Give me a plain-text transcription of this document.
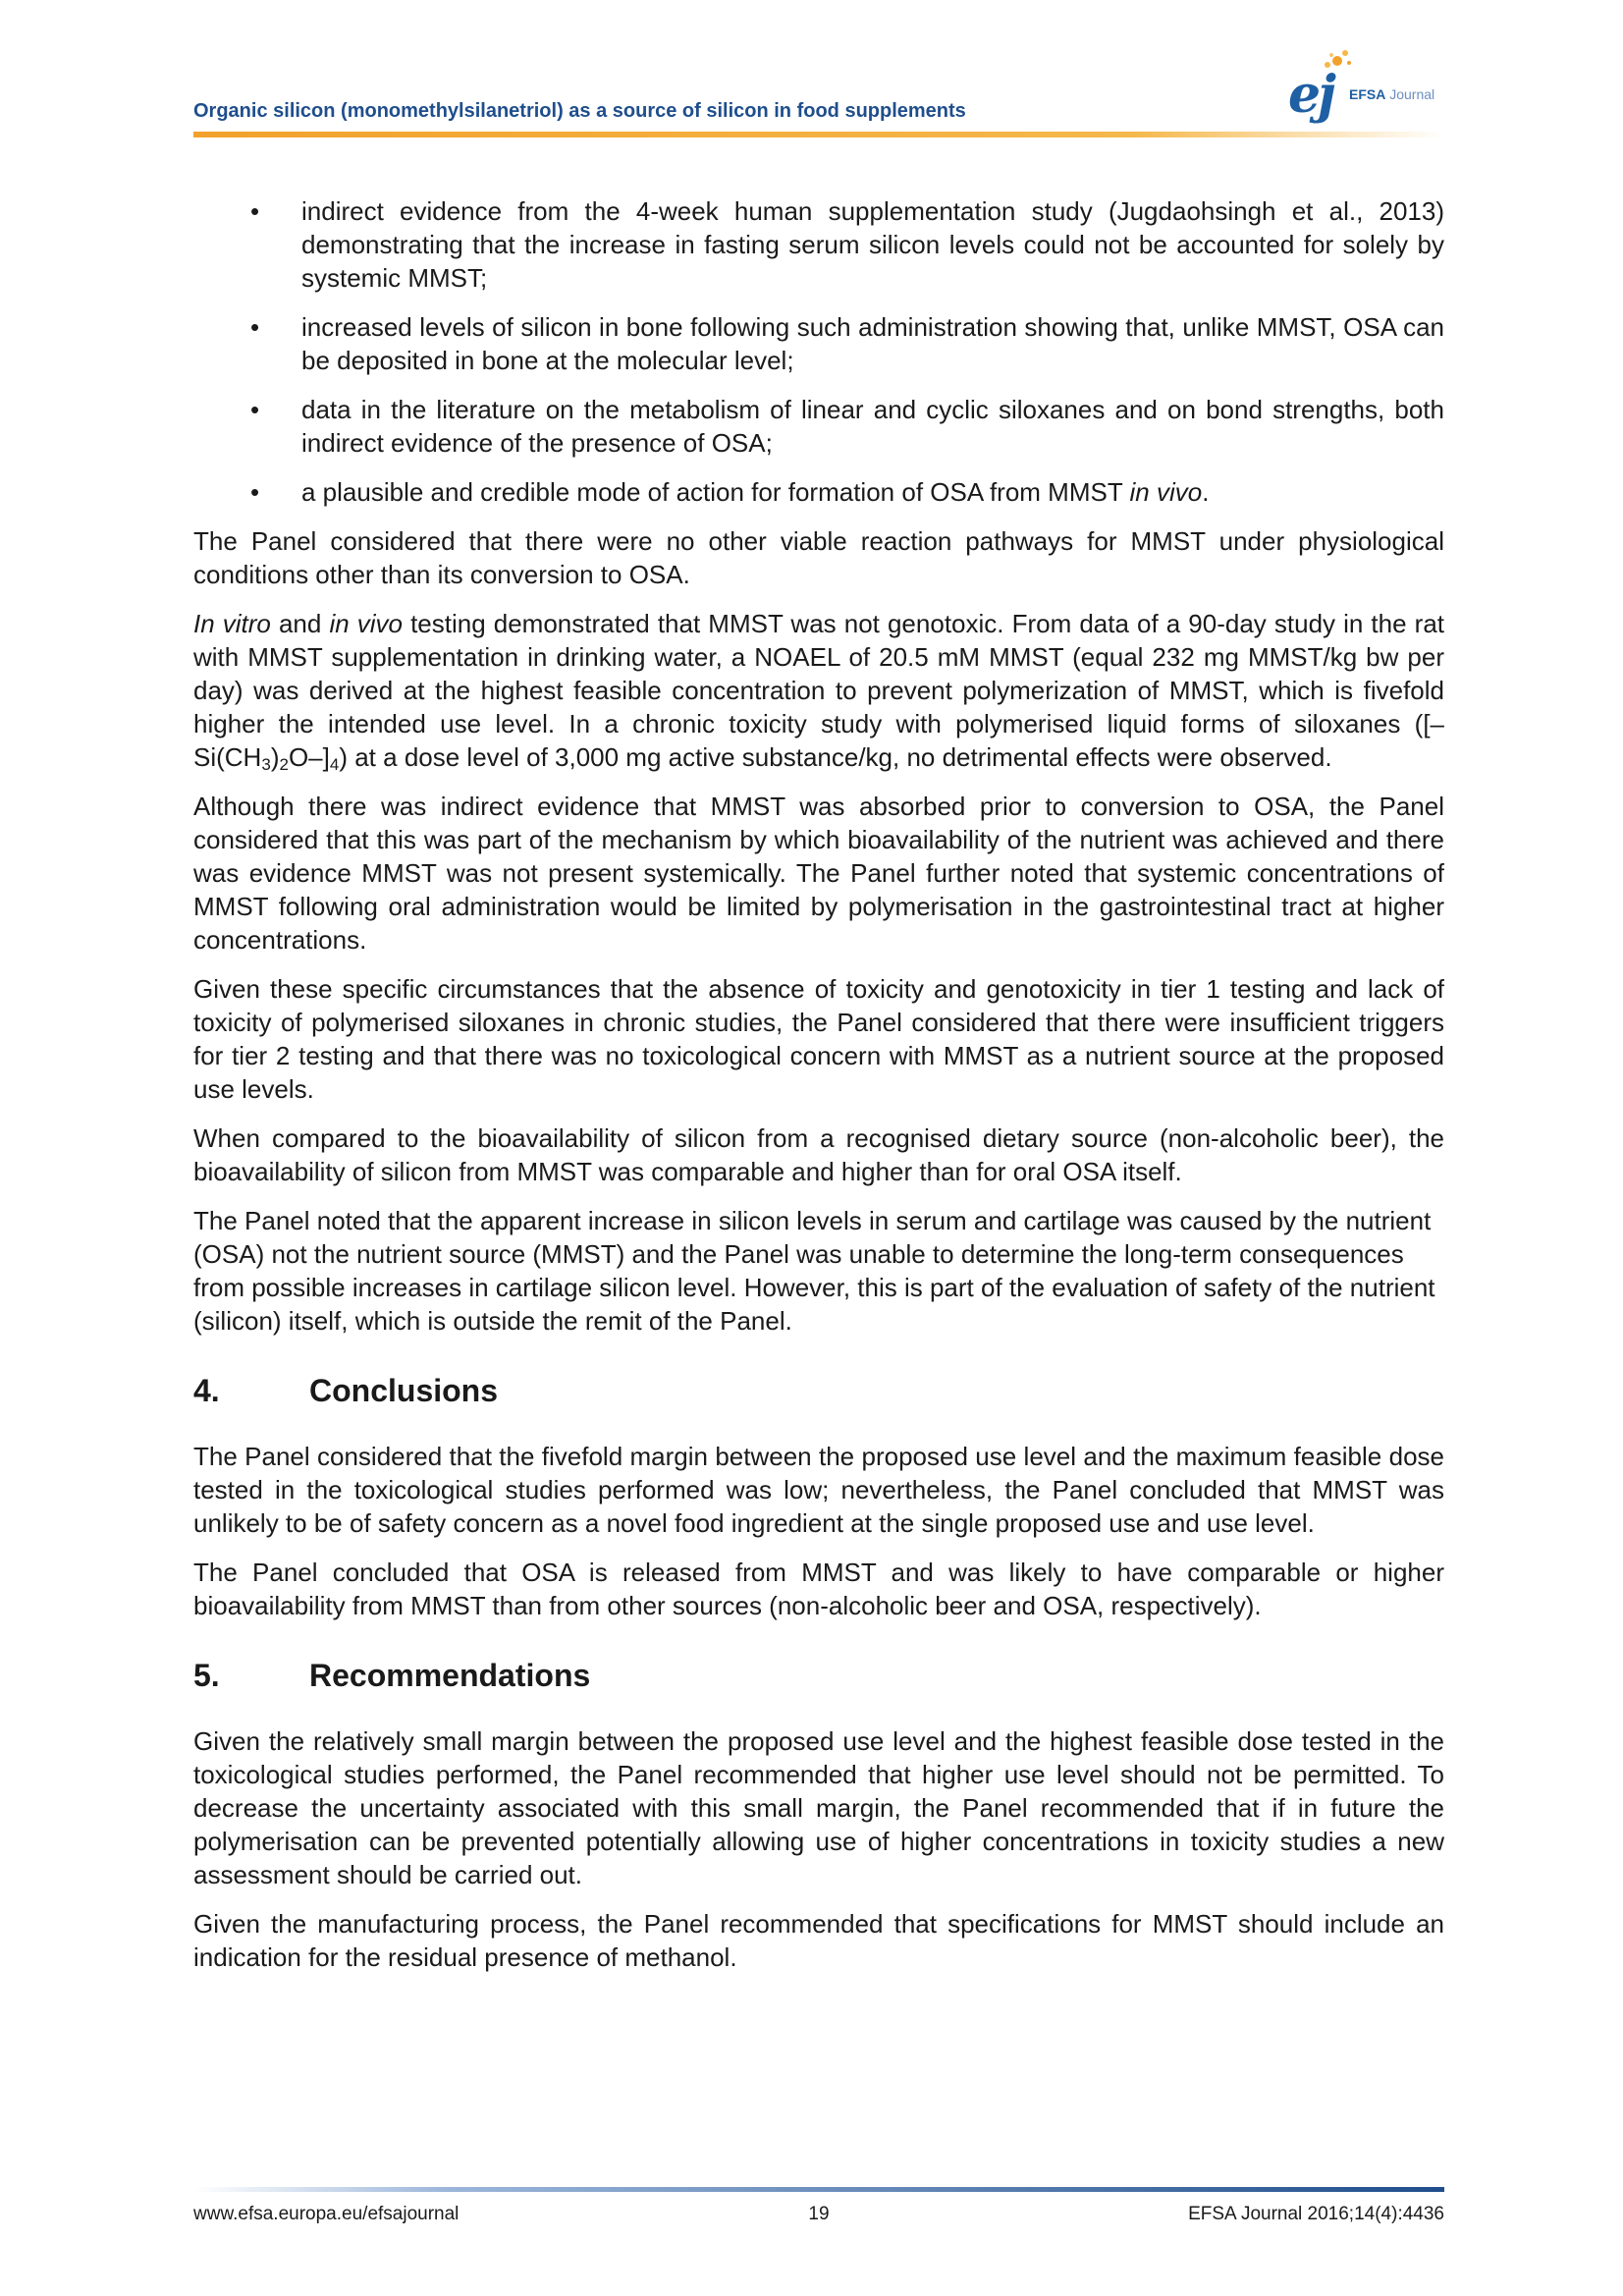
Organic silicon (monomethylsilanetriol) as a source of silicon in food supplements	ej EFSA Journal
• indirect evidence from the 4-week human supplementation study (Jugdaohsingh et al., 2013) demonstrating that the increase in fasting serum silicon levels could not be accounted for solely by systemic MMST;
• increased levels of silicon in bone following such administration showing that, unlike MMST, OSA can be deposited in bone at the molecular level;
• data in the literature on the metabolism of linear and cyclic siloxanes and on bond strengths, both indirect evidence of the presence of OSA;
• a plausible and credible mode of action for formation of OSA from MMST in vivo.

The Panel considered that there were no other viable reaction pathways for MMST under physiological conditions other than its conversion to OSA.

In vitro and in vivo testing demonstrated that MMST was not genotoxic. From data of a 90-day study in the rat with MMST supplementation in drinking water, a NOAEL of 20.5 mM MMST (equal 232 mg MMST/kg bw per day) was derived at the highest feasible concentration to prevent polymerization of MMST, which is fivefold higher the intended use level. In a chronic toxicity study with polymerised liquid forms of siloxanes $([-Si(CH_3)_2O-]_4)$ at a dose level of 3,000 mg active substance/kg, no detrimental effects were observed.

Although there was indirect evidence that MMST was absorbed prior to conversion to OSA, the Panel considered that this was part of the mechanism by which bioavailability of the nutrient was achieved and there was evidence MMST was not present systemically. The Panel further noted that systemic concentrations of MMST following oral administration would be limited by polymerisation in the gastrointestinal tract at higher concentrations.

Given these specific circumstances that the absence of toxicity and genotoxicity in tier 1 testing and lack of toxicity of polymerised siloxanes in chronic studies, the Panel considered that there were insufficient triggers for tier 2 testing and that there was no toxicological concern with MMST as a nutrient source at the proposed use levels.

When compared to the bioavailability of silicon from a recognised dietary source (non-alcoholic beer), the bioavailability of silicon from MMST was comparable and higher than for oral OSA itself.

The Panel noted that the apparent increase in silicon levels in serum and cartilage was caused by the nutrient (OSA) not the nutrient source (MMST) and the Panel was unable to determine the long-term consequences from possible increases in cartilage silicon level. However, this is part of the evaluation of safety of the nutrient (silicon) itself, which is outside the remit of the Panel.

4.	Conclusions

The Panel considered that the fivefold margin between the proposed use level and the maximum feasible dose tested in the toxicological studies performed was low; nevertheless, the Panel concluded that MMST was unlikely to be of safety concern as a novel food ingredient at the single proposed use and use level.

The Panel concluded that OSA is released from MMST and was likely to have comparable or higher bioavailability from MMST than from other sources (non-alcoholic beer and OSA, respectively).

5.	Recommendations

Given the relatively small margin between the proposed use level and the highest feasible dose tested in the toxicological studies performed, the Panel recommended that higher use level should not be permitted. To decrease the uncertainty associated with this small margin, the Panel recommended that if in future the polymerisation can be prevented potentially allowing use of higher concentrations in toxicity studies a new assessment should be carried out.

Given the manufacturing process, the Panel recommended that specifications for MMST should include an indication for the residual presence of methanol.

www.efsa.europa.eu/efsajournal	19	EFSA Journal 2016;14(4):4436
